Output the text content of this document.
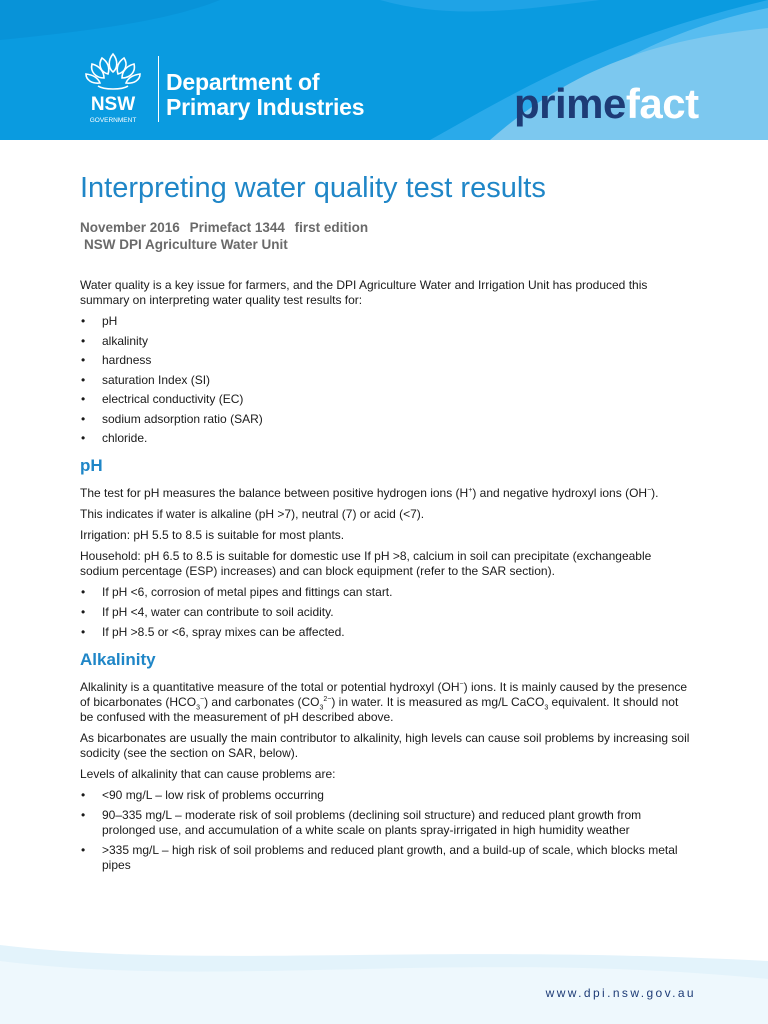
NSW
GOVERNMENT
Department of
Primary Industries	primefact
Interpreting water quality test results
November 2016 Primefact 1344 first edition
NSW DPI Agriculture Water Unit

Water quality is a key issue for farmers, and the DPI Agriculture Water and Irrigation Unit has produced this summary on interpreting water quality test results for:

• pH
• alkalinity
• hardness
• saturation Index (SI)
• electrical conductivity (EC)
• sodium adsorption ratio (SAR)
• chloride.
pH

The test for pH measures the balance between positive hydrogen ions (H+) and negative hydroxyl ions (OH−).

This indicates if water is alkaline (pH >7), neutral (7) or acid (<7).

Irrigation: pH 5.5 to 8.5 is suitable for most plants.

Household: pH 6.5 to 8.5 is suitable for domestic use If pH >8, calcium in soil can precipitate (exchangeable sodium percentage (ESP) increases) and can block equipment (refer to the SAR section).

• If pH <6, corrosion of metal pipes and fittings can start.
• If pH <4, water can contribute to soil acidity.
• If pH >8.5 or <6, spray mixes can be affected.
Alkalinity

Alkalinity is a quantitative measure of the total or potential hydroxyl (OH−) ions. It is mainly caused by the presence of bicarbonates $(HCO_3^-)$ and carbonates $(CO_3^{2-})$ in water. It is measured as mg/L CaCO$_3$ equivalent. It should not be confused with the measurement of pH described above.

As bicarbonates are usually the main contributor to alkalinity, high levels can cause soil problems by increasing soil sodicity (see the section on SAR, below).

Levels of alkalinity that can cause problems are:

• <90 mg/L – low risk of problems occurring
• 90–335 mg/L – moderate risk of soil problems (declining soil structure) and reduced plant growth from prolonged use, and accumulation of a white scale on plants spray-irrigated in high humidity weather
• >335 mg/L – high risk of soil problems and reduced plant growth, and a build-up of scale, which blocks metal pipes
www.dpi.nsw.gov.au
